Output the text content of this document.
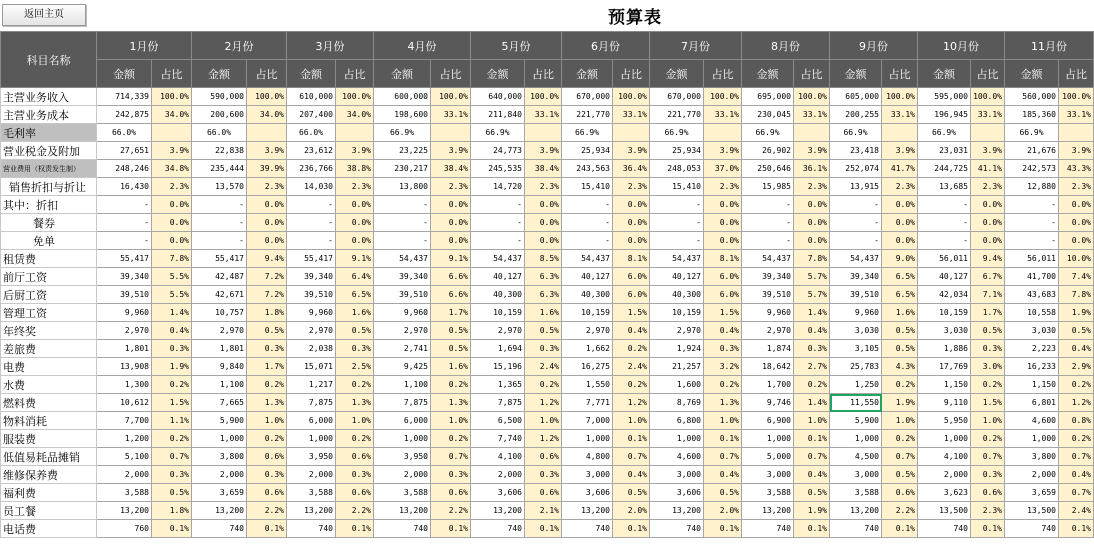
返回主页	预算表
科目名称	1月份		2月份		3月份		4月份		5月份		6月份		7月份		8月份		9月份		10月份		11月份	
	金额	占比	金额	占比	金额	占比	金额	占比	金额	占比	金额	占比	金额	占比	金额	占比	金额	占比	金额	占比	金额	占比
主营业务收入	714,339	100.0%	590,000	100.0%	610,000	100.0%	600,000	100.0%	640,000	100.0%	670,000	100.0%	670,000	100.0%	695,000	100.0%	605,000	100.0%	595,000	100.0%	560,000	100.0%
主营业务成本	242,875	34.0%	200,600	34.0%	207,400	34.0%	198,600	33.1%	211,840	33.1%	221,770	33.1%	221,770	33.1%	230,045	33.1%	200,255	33.1%	196,945	33.1%	185,360	33.1%
毛利率	66.0%		66.0%		66.0%		66.9%		66.9%		66.9%		66.9%		66.9%		66.9%		66.9%		66.9%	
营业税金及附加	27,651	3.9%	22,838	3.9%	23,612	3.9%	23,225	3.9%	24,773	3.9%	25,934	3.9%	25,934	3.9%	26,902	3.9%	23,418	3.9%	23,031	3.9%	21,676	3.9%
营业费用（权责发生制）	248,246	34.8%	235,444	39.9%	236,766	38.8%	230,217	38.4%	245,535	38.4%	243,563	36.4%	248,053	37.0%	250,646	36.1%	252,074	41.7%	244,725	41.1%	242,573	43.3%
销售折扣与折让	16,430	2.3%	13,570	2.3%	14,030	2.3%	13,800	2.3%	14,720	2.3%	15,410	2.3%	15,410	2.3%	15,985	2.3%	13,915	2.3%	13,685	2.3%	12,880	2.3%
其中：折扣	-	0.0%	-	0.0%	-	0.0%	-	0.0%	-	0.0%	-	0.0%	-	0.0%	-	0.0%	-	0.0%	-	0.0%	-	0.0%
餐券	-	0.0%	-	0.0%	-	0.0%	-	0.0%	-	0.0%	-	0.0%	-	0.0%	-	0.0%	-	0.0%	-	0.0%	-	0.0%
免单	-	0.0%	-	0.0%	-	0.0%	-	0.0%	-	0.0%	-	0.0%	-	0.0%	-	0.0%	-	0.0%	-	0.0%	-	0.0%
租赁费	55,417	7.8%	55,417	9.4%	55,417	9.1%	54,437	9.1%	54,437	8.5%	54,437	8.1%	54,437	8.1%	54,437	7.8%	54,437	9.0%	56,011	9.4%	56,011	10.0%
前厅工资	39,340	5.5%	42,487	7.2%	39,340	6.4%	39,340	6.6%	40,127	6.3%	40,127	6.0%	40,127	6.0%	39,340	5.7%	39,340	6.5%	40,127	6.7%	41,700	7.4%
后厨工资	39,510	5.5%	42,671	7.2%	39,510	6.5%	39,510	6.6%	40,300	6.3%	40,300	6.0%	40,300	6.0%	39,510	5.7%	39,510	6.5%	42,034	7.1%	43,683	7.8%
管理工资	9,960	1.4%	10,757	1.8%	9,960	1.6%	9,960	1.7%	10,159	1.6%	10,159	1.5%	10,159	1.5%	9,960	1.4%	9,960	1.6%	10,159	1.7%	10,558	1.9%
年终奖	2,970	0.4%	2,970	0.5%	2,970	0.5%	2,970	0.5%	2,970	0.5%	2,970	0.4%	2,970	0.4%	2,970	0.4%	3,030	0.5%	3,030	0.5%	3,030	0.5%
差旅费	1,801	0.3%	1,801	0.3%	2,038	0.3%	2,741	0.5%	1,694	0.3%	1,662	0.2%	1,924	0.3%	1,874	0.3%	3,105	0.5%	1,886	0.3%	2,223	0.4%
电费	13,908	1.9%	9,840	1.7%	15,071	2.5%	9,425	1.6%	15,196	2.4%	16,275	2.4%	21,257	3.2%	18,642	2.7%	25,783	4.3%	17,769	3.0%	16,233	2.9%
水费	1,300	0.2%	1,100	0.2%	1,217	0.2%	1,100	0.2%	1,365	0.2%	1,550	0.2%	1,600	0.2%	1,700	0.2%	1,250	0.2%	1,150	0.2%	1,150	0.2%
燃料费	10,612	1.5%	7,665	1.3%	7,875	1.3%	7,875	1.3%	7,875	1.2%	7,771	1.2%	8,769	1.3%	9,746	1.4%	11,550	1.9%	9,110	1.5%	6,801	1.2%
物料消耗	7,700	1.1%	5,900	1.0%	6,000	1.0%	6,000	1.0%	6,500	1.0%	7,000	1.0%	6,800	1.0%	6,900	1.0%	5,900	1.0%	5,950	1.0%	4,600	0.8%
服装费	1,200	0.2%	1,000	0.2%	1,000	0.2%	1,000	0.2%	7,740	1.2%	1,000	0.1%	1,000	0.1%	1,000	0.1%	1,000	0.2%	1,000	0.2%	1,000	0.2%
低值易耗品摊销	5,100	0.7%	3,800	0.6%	3,950	0.6%	3,950	0.7%	4,100	0.6%	4,800	0.7%	4,600	0.7%	5,000	0.7%	4,500	0.7%	4,100	0.7%	3,800	0.7%
维修保养费	2,000	0.3%	2,000	0.3%	2,000	0.3%	2,000	0.3%	2,000	0.3%	3,000	0.4%	3,000	0.4%	3,000	0.4%	3,000	0.5%	2,000	0.3%	2,000	0.4%
福利费	3,588	0.5%	3,659	0.6%	3,588	0.6%	3,588	0.6%	3,606	0.6%	3,606	0.5%	3,606	0.5%	3,588	0.5%	3,588	0.6%	3,623	0.6%	3,659	0.7%
员工餐	13,200	1.8%	13,200	2.2%	13,200	2.2%	13,200	2.2%	13,200	2.1%	13,200	2.0%	13,200	2.0%	13,200	1.9%	13,200	2.2%	13,500	2.3%	13,500	2.4%
电话费	760	0.1%	740	0.1%	740	0.1%	740	0.1%	740	0.1%	740	0.1%	740	0.1%	740	0.1%	740	0.1%	740	0.1%	740	0.1%
